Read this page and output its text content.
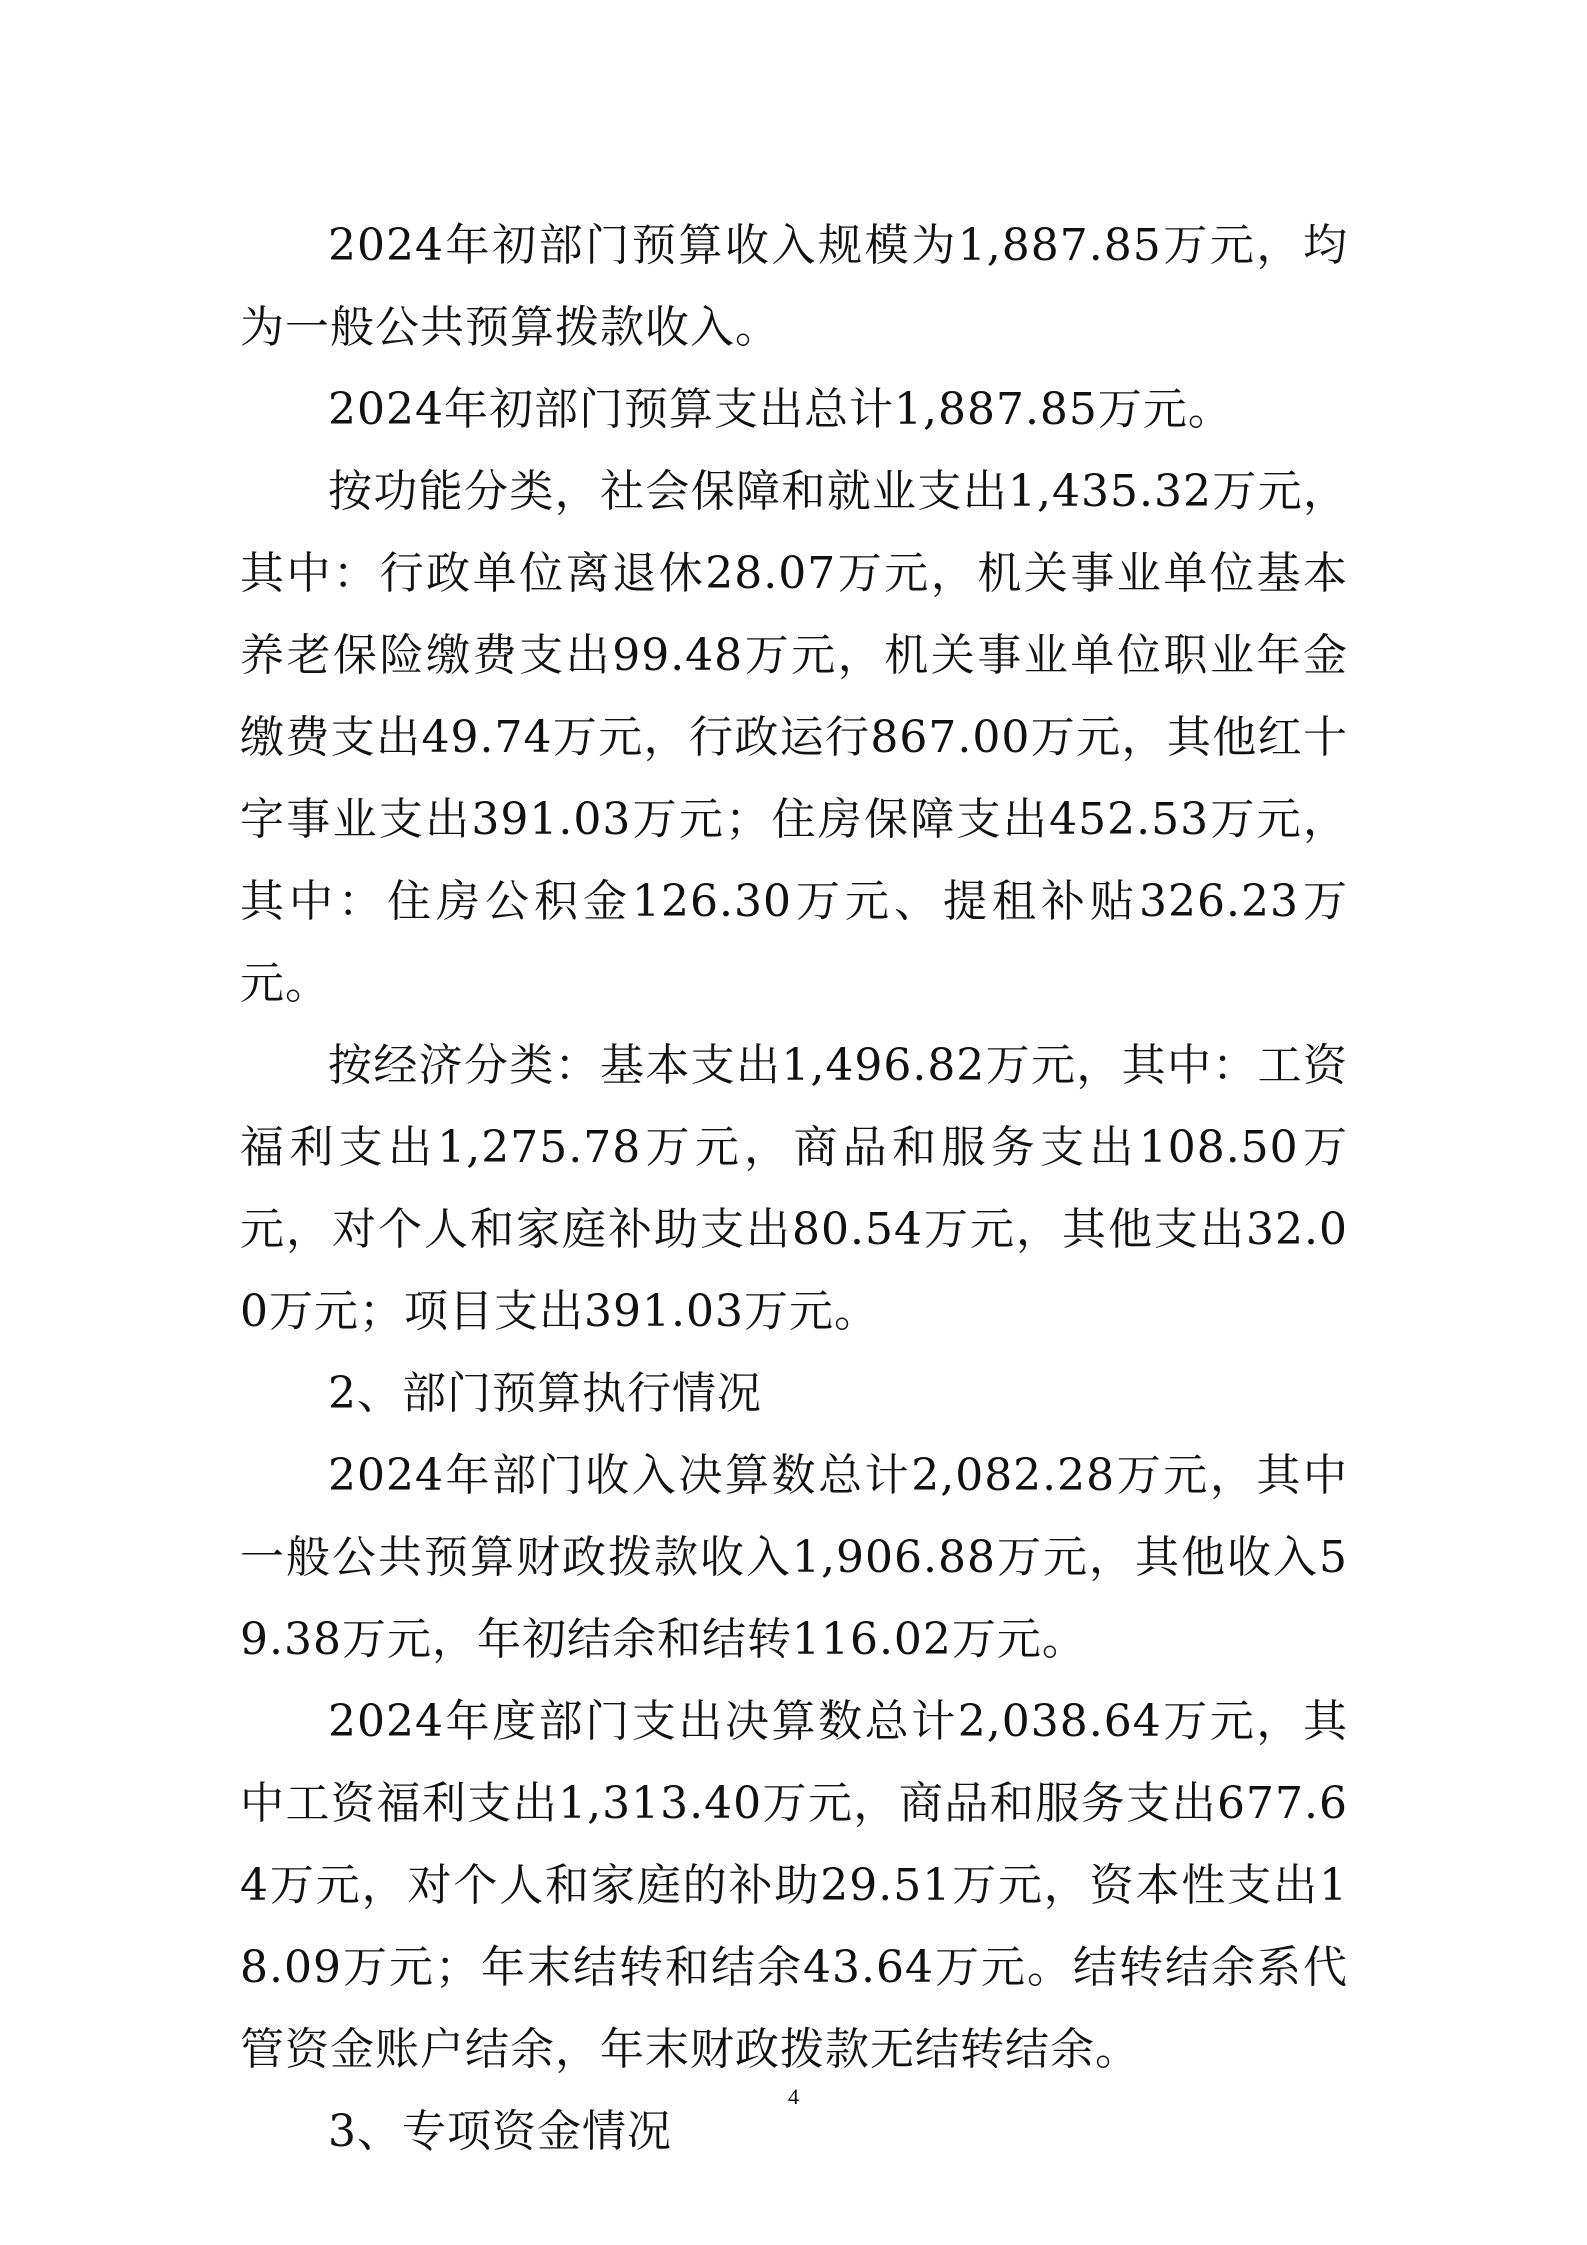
2024年初部门预算收入规模为1,887.85万元，均为一般公共预算拨款收入。

2024年初部门预算支出总计1,887.85万元。

按功能分类，社会保障和就业支出1,435.32万元，其中：行政单位离退休28.07万元，机关事业单位基本养老保险缴费支出99.48万元，机关事业单位职业年金缴费支出49.74万元，行政运行867.00万元，其他红十字事业支出391.03万元；住房保障支出452.53万元，其中：住房公积金126.30万元、提租补贴326.23万元。

按经济分类：基本支出1,496.82万元，其中：工资福利支出1,275.78万元，商品和服务支出108.50万元，对个人和家庭补助支出80.54万元，其他支出32.00万元；项目支出391.03万元。

2、部门预算执行情况

2024年部门收入决算数总计2,082.28万元，其中一般公共预算财政拨款收入1,906.88万元，其他收入59.38万元，年初结余和结转116.02万元。

2024年度部门支出决算数总计2,038.64万元，其中工资福利支出1,313.40万元，商品和服务支出677.64万元，对个人和家庭的补助29.51万元，资本性支出18.09万元；年末结转和结余43.64万元。结转结余系代管资金账户结余，年末财政拨款无结转结余。

3、专项资金情况

4
